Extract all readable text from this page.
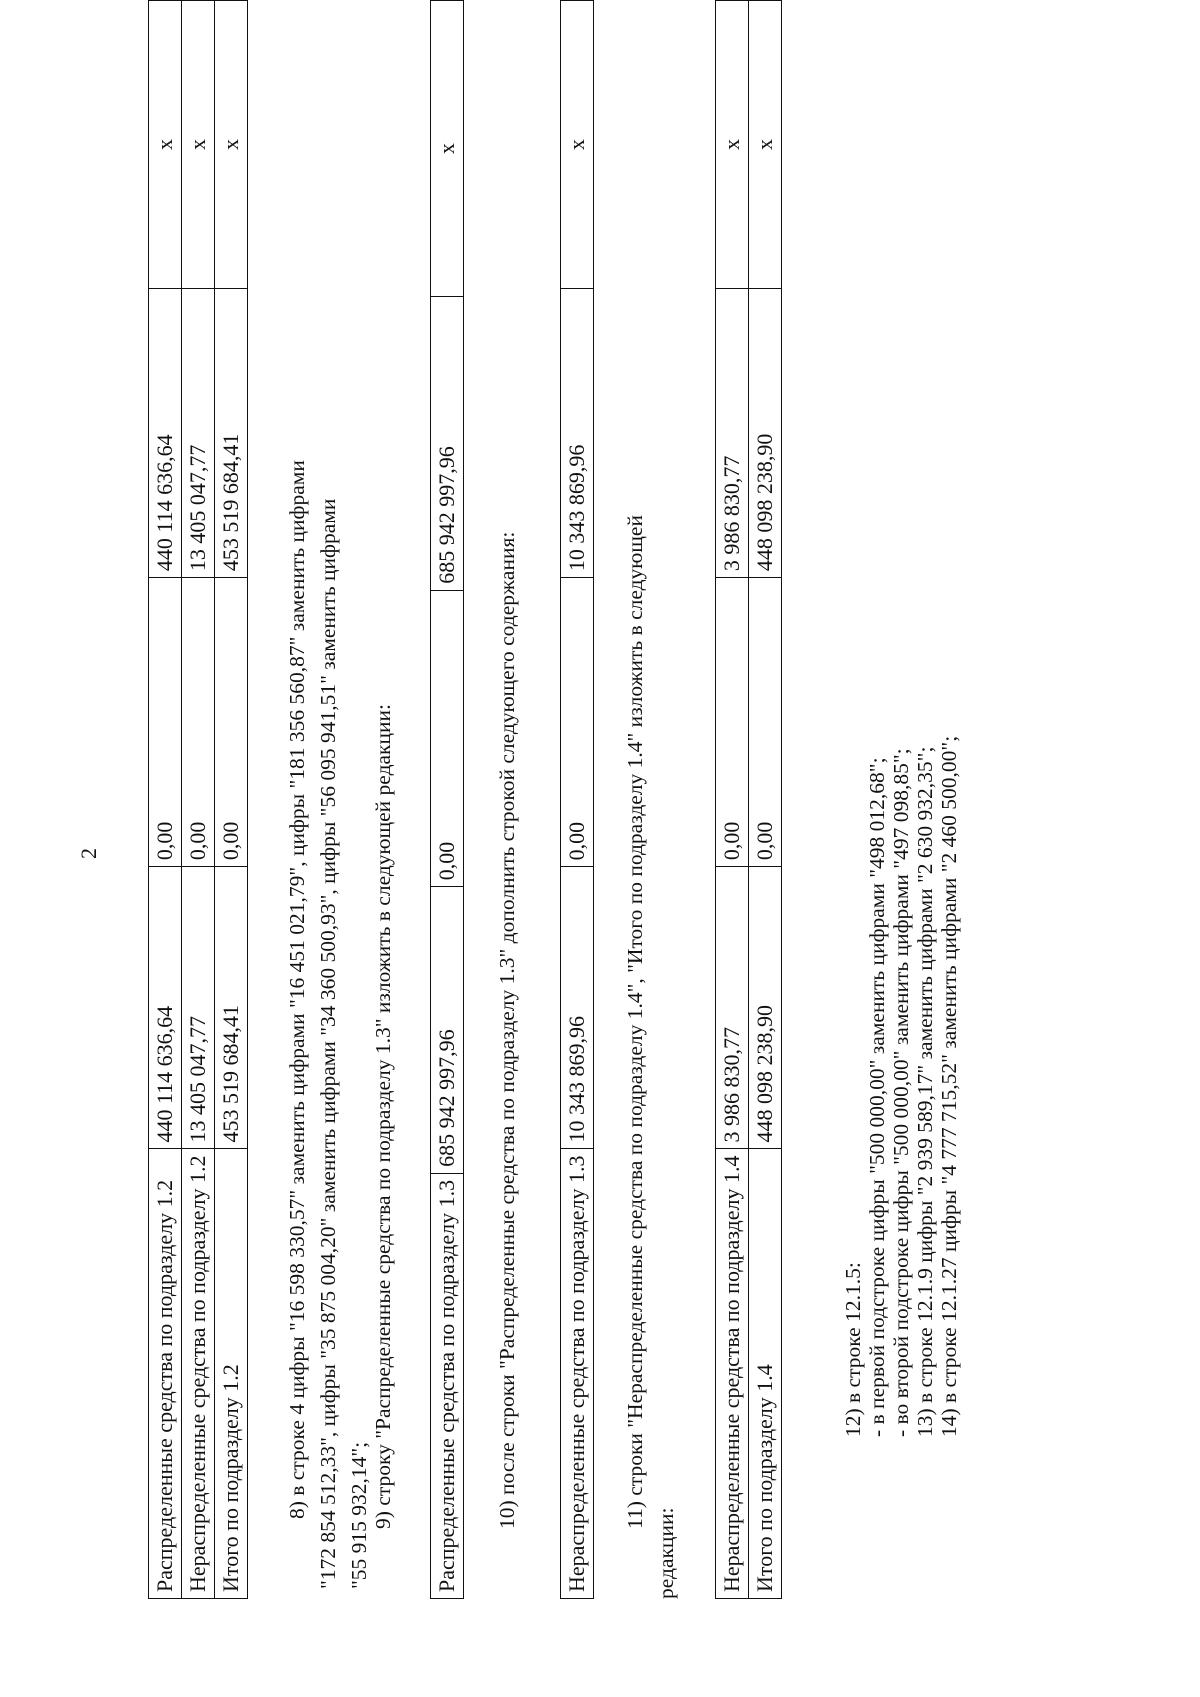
2
Распределенные средства по подразделу 1.2	440 114 636,64	0,00	440 114 636,64	x
Нераспределенные средства по подразделу 1.2	13 405 047,77	0,00	13 405 047,77	x
Итого по подразделу 1.2	453 519 684,41	0,00	453 519 684,41	x
8) в строке 4 цифры "16 598 330,57" заменить цифрами "16 451 021,79", цифры "181 356 560,87" заменить цифрами "172 854 512,33", цифры "35 875 004,20" заменить цифрами "34 360 500,93", цифры "56 095 941,51" заменить цифрами "55 915 932,14"; 9) строку "Распределенные средства по подразделу 1.3" изложить в следующей редакции: Распределенные средства по подразделу 1.3	685 942 997,96	0,00	685 942 997,96	x
10) после строки "Распределенные средства по подразделу 1.3" дополнить строкой следующего содержания: Нераспределенные средства по подразделу 1.3	10 343 869,96	0,00	10 343 869,96	x
11) строки "Нераспределенные средства по подразделу 1.4", "Итого по подразделу 1.4" изложить в следующей
редакции: Нераспределенные средства по подразделу 1.4	3 986 830,77	0,00	3 986 830,77	x
Итого по подразделу 1.4	448 098 238,90	0,00	448 098 238,90	x
12) в строке 12.1.5: - в первой подстроке цифры "500 000,00" заменить цифрами "498 012,68"; - во второй подстроке цифры "500 000,00" заменить цифрами "497 098,85"; 13) в строке 12.1.9 цифры "2 939 589,17" заменить цифрами "2 630 932,35"; 14) в строке 12.1.27 цифры "4 777 715,52" заменить цифрами "2 460 500,00";
